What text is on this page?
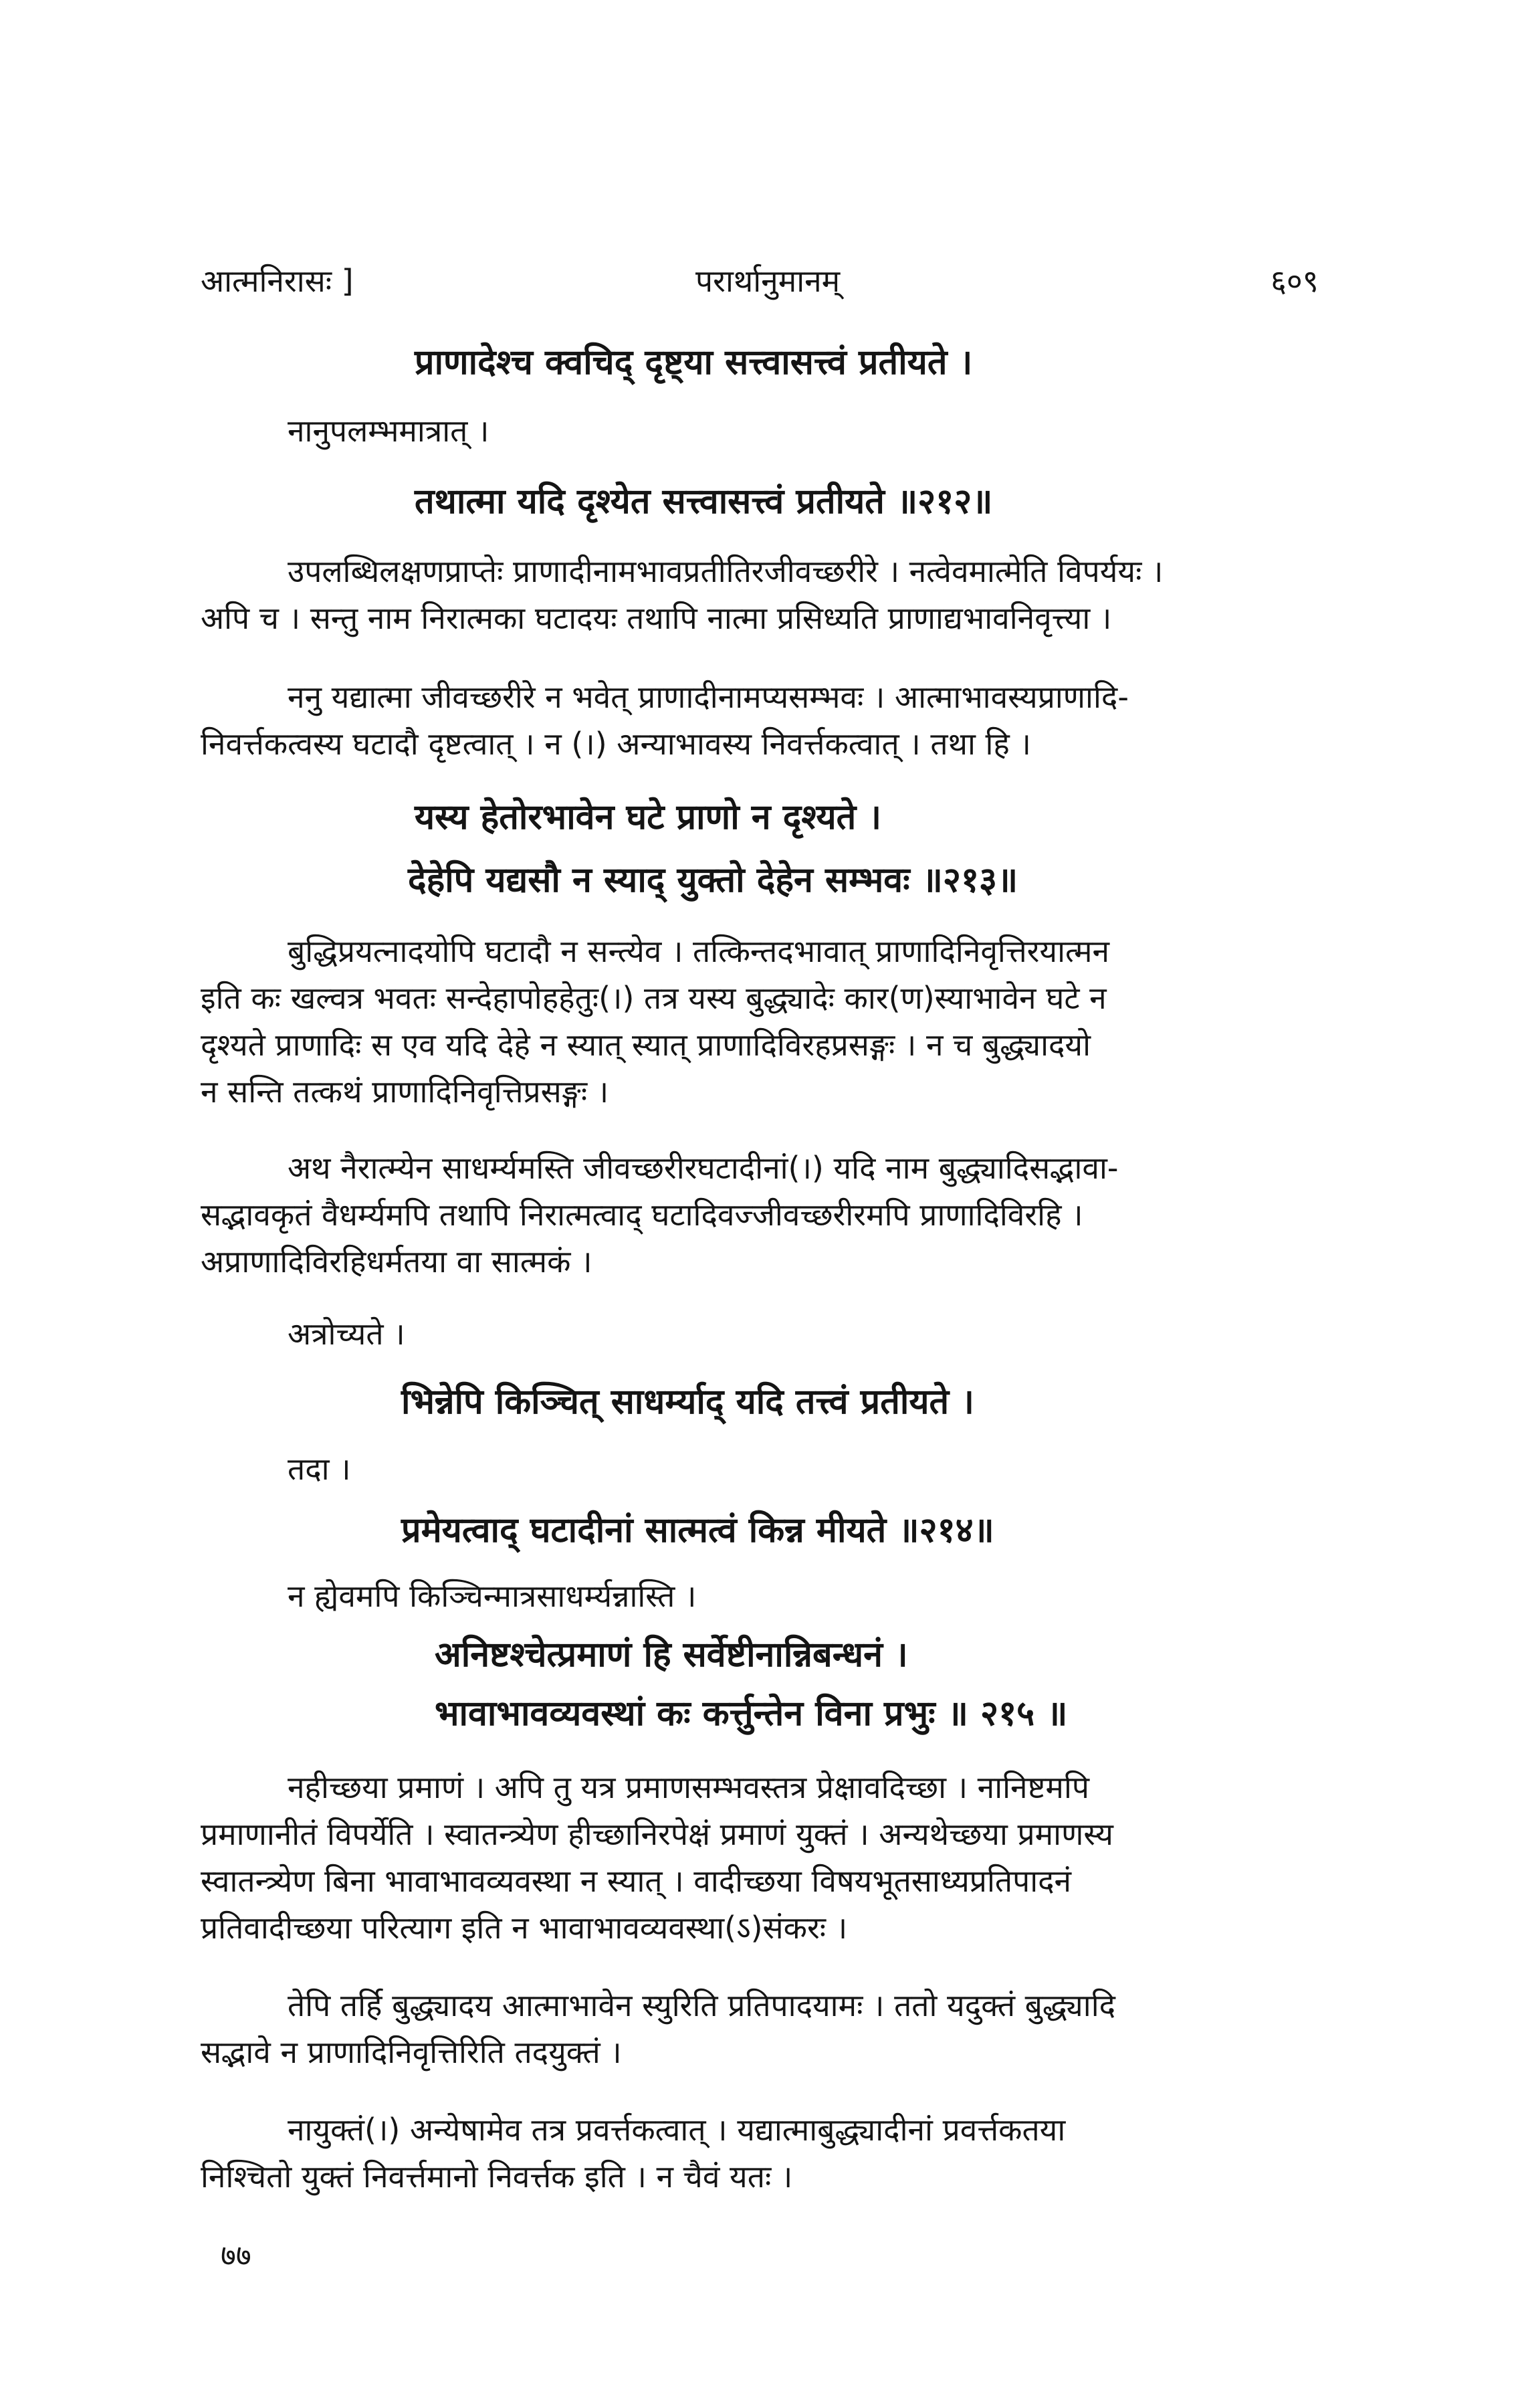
आत्मनिरासः ]	परार्थानुमानम्	६०९
प्राणादेश्च क्वचिद् दृष्ट्या सत्त्वासत्त्वं प्रतीयते ।
नानुपलम्भमात्रात् ।
तथात्मा यदि दृश्येत सत्त्वासत्त्वं प्रतीयते ॥२१२॥
उपलब्धिलक्षणप्राप्तेः प्राणादीनामभावप्रतीतिरजीवच्छरीरे । नत्वेवमात्मेति विपर्ययः ।
अपि च । सन्तु नाम निरात्मका घटादयः तथापि नात्मा प्रसिध्यति प्राणाद्यभावनिवृत्त्या ।
ननु यद्यात्मा जीवच्छरीरे न भवेत् प्राणादीनामप्यसम्भवः । आत्माभावस्यप्राणादि-
निवर्त्तकत्वस्य घटादौ दृष्टत्वात् । न (।) अन्याभावस्य निवर्त्तकत्वात् । तथा हि ।
यस्य हेतोरभावेन घटे प्राणो न दृश्यते ।
देहेपि यद्यसौ न स्याद् युक्तो देहेन सम्भवः ॥२१३॥
बुद्धिप्रयत्नादयोपि घटादौ न सन्त्येव । तत्किन्तदभावात् प्राणादिनिवृत्तिरयात्मन
इति कः खल्वत्र भवतः सन्देहापोहहेतुः(।) तत्र यस्य बुद्ध्यादेः कार(ण)स्याभावेन घटे न
दृश्यते प्राणादिः स एव यदि देहे न स्यात् स्यात् प्राणादिविरहप्रसङ्गः । न च बुद्ध्यादयो
न सन्ति तत्कथं प्राणादिनिवृत्तिप्रसङ्गः ।
अथ नैरात्म्येन साधर्म्यमस्ति जीवच्छरीरघटादीनां(।) यदि नाम बुद्ध्यादिसद्भावा-
सद्भावकृतं वैधर्म्यमपि तथापि निरात्मत्वाद् घटादिवज्जीवच्छरीरमपि प्राणादिविरहि ।
अप्राणादिविरहिधर्मतया वा सात्मकं ।
अत्रोच्यते ।
भिन्नेपि किञ्चित् साधर्म्याद् यदि तत्त्वं प्रतीयते ।
तदा ।
प्रमेयत्वाद् घटादीनां सात्मत्वं किन्न मीयते ॥२१४॥
न ह्येवमपि किञ्चिन्मात्रसाधर्म्यन्नास्ति ।
अनिष्टश्चेत्प्रमाणं हि सर्वेष्टीनान्निबन्धनं ।
भावाभावव्यवस्थां कः कर्त्तुन्तेन विना प्रभुः ॥ २१५ ॥
नहीच्छया प्रमाणं । अपि तु यत्र प्रमाणसम्भवस्तत्र प्रेक्षावदिच्छा । नानिष्टमपि
प्रमाणानीतं विपर्येति । स्वातन्त्र्येण हीच्छानिरपेक्षं प्रमाणं युक्तं । अन्यथेच्छया प्रमाणस्य
स्वातन्त्र्येण बिना भावाभावव्यवस्था न स्यात् । वादीच्छया विषयभूतसाध्यप्रतिपादनं
प्रतिवादीच्छया परित्याग इति न भावाभावव्यवस्था(ऽ)संकरः ।
तेपि तर्हि बुद्ध्यादय आत्माभावेन स्युरिति प्रतिपादयामः । ततो यदुक्तं बुद्ध्यादि
सद्भावे न प्राणादिनिवृत्तिरिति तदयुक्तं ।
नायुक्तं(।) अन्येषामेव तत्र प्रवर्त्तकत्वात् । यद्यात्माबुद्ध्यादीनां प्रवर्त्तकतया
निश्चितो युक्तं निवर्त्तमानो निवर्त्तक इति । न चैवं यतः ।
७७
